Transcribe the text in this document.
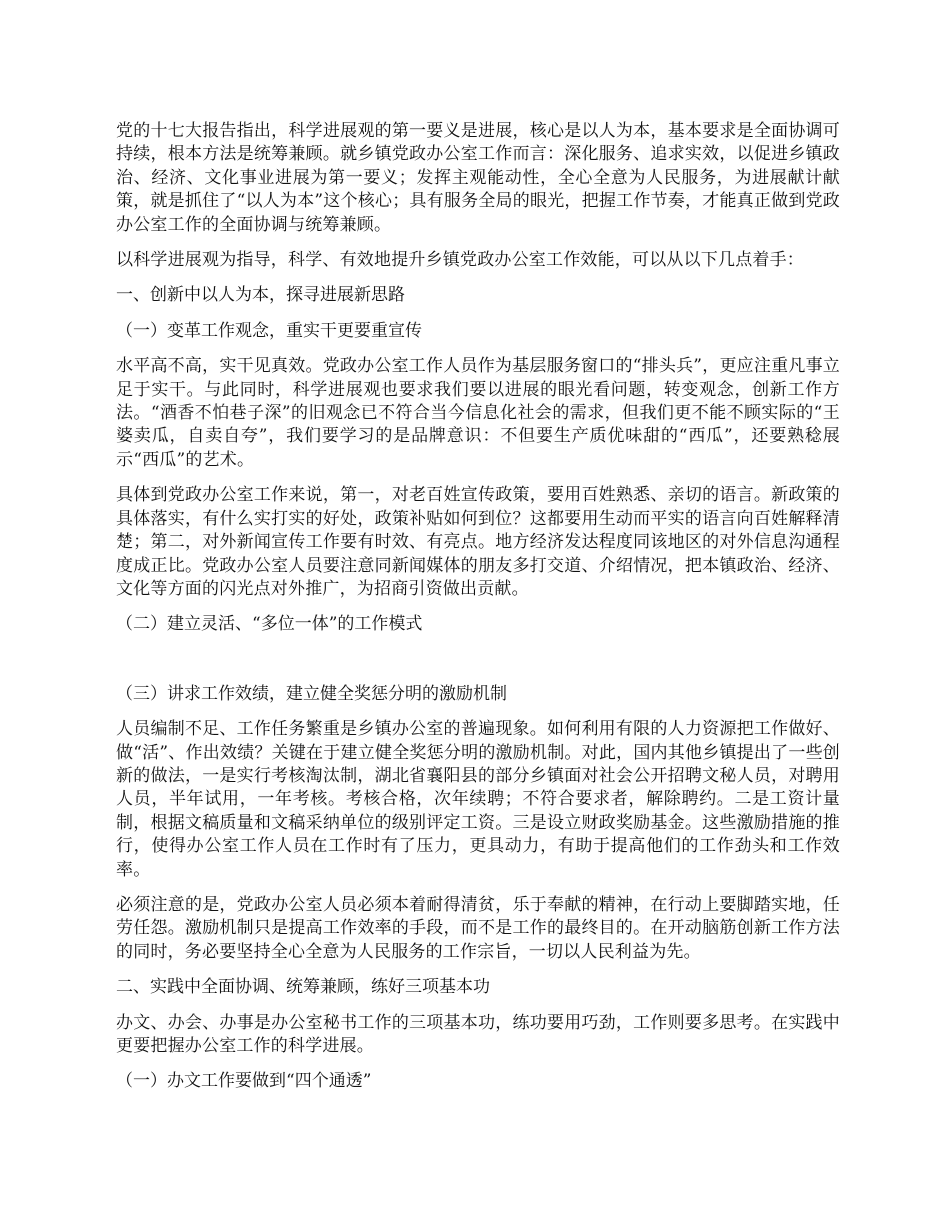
党的十七大报告指出，科学进展观的第一要义是进展，核心是以人为本，基本要求是全面协调可持续，根本方法是统筹兼顾。就乡镇党政办公室工作而言：深化服务、追求实效，以促进乡镇政治、经济、文化事业进展为第一要义；发挥主观能动性，全心全意为人民服务，为进展献计献策，就是抓住了“以人为本”这个核心；具有服务全局的眼光，把握工作节奏，才能真正做到党政办公室工作的全面协调与统筹兼顾。

以科学进展观为指导，科学、有效地提升乡镇党政办公室工作效能，可以从以下几点着手：

一、创新中以人为本，探寻进展新思路

（一）变革工作观念，重实干更要重宣传

水平高不高，实干见真效。党政办公室工作人员作为基层服务窗口的“排头兵”，更应注重凡事立足于实干。与此同时，科学进展观也要求我们要以进展的眼光看问题，转变观念，创新工作方法。“酒香不怕巷子深”的旧观念已不符合当今信息化社会的需求，但我们更不能不顾实际的“王婆卖瓜，自卖自夸”，我们要学习的是品牌意识：不但要生产质优味甜的“西瓜”，还要熟稔展示“西瓜”的艺术。

具体到党政办公室工作来说，第一，对老百姓宣传政策，要用百姓熟悉、亲切的语言。新政策的具体落实，有什么实打实的好处，政策补贴如何到位？这都要用生动而平实的语言向百姓解释清楚；第二，对外新闻宣传工作要有时效、有亮点。地方经济发达程度同该地区的对外信息沟通程度成正比。党政办公室人员要注意同新闻媒体的朋友多打交道、介绍情况，把本镇政治、经济、文化等方面的闪光点对外推广，为招商引资做出贡献。

（二）建立灵活、“多位一体”的工作模式

（三）讲求工作效绩，建立健全奖惩分明的激励机制

人员编制不足、工作任务繁重是乡镇办公室的普遍现象。如何利用有限的人力资源把工作做好、做“活”、作出效绩？关键在于建立健全奖惩分明的激励机制。对此，国内其他乡镇提出了一些创新的做法，一是实行考核淘汰制，湖北省襄阳县的部分乡镇面对社会公开招聘文秘人员，对聘用人员，半年试用，一年考核。考核合格，次年续聘；不符合要求者，解除聘约。二是工资计量制，根据文稿质量和文稿采纳单位的级别评定工资。三是设立财政奖励基金。这些激励措施的推行，使得办公室工作人员在工作时有了压力，更具动力，有助于提高他们的工作劲头和工作效率。

必须注意的是，党政办公室人员必须本着耐得清贫，乐于奉献的精神，在行动上要脚踏实地，任劳任怨。激励机制只是提高工作效率的手段，而不是工作的最终目的。在开动脑筋创新工作方法的同时，务必要坚持全心全意为人民服务的工作宗旨，一切以人民利益为先。

二、实践中全面协调、统筹兼顾，练好三项基本功

办文、办会、办事是办公室秘书工作的三项基本功，练功要用巧劲，工作则要多思考。在实践中更要把握办公室工作的科学进展。

（一）办文工作要做到“四个通透”
